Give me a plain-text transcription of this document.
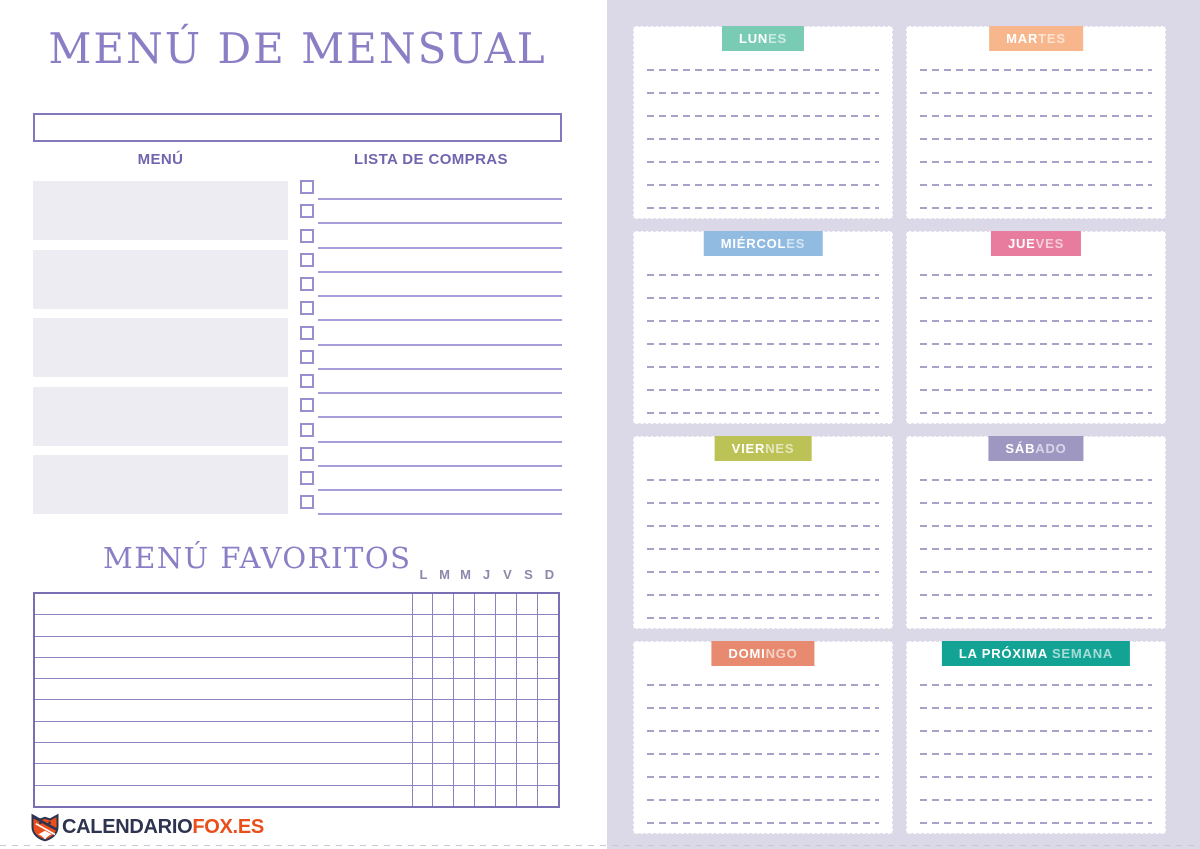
MENÚ DE MENSUAL
MENÚ	LISTA DE COMPRAS
MENÚ FAVORITOS L M M J	V S D
CALENDARIOFOX.ES
LUNES	MARTES
MIÉRCOLES	JUEVES
VIERNES	SÁBADO
DOMINGO	LA PRÓXIMA SEMANA
